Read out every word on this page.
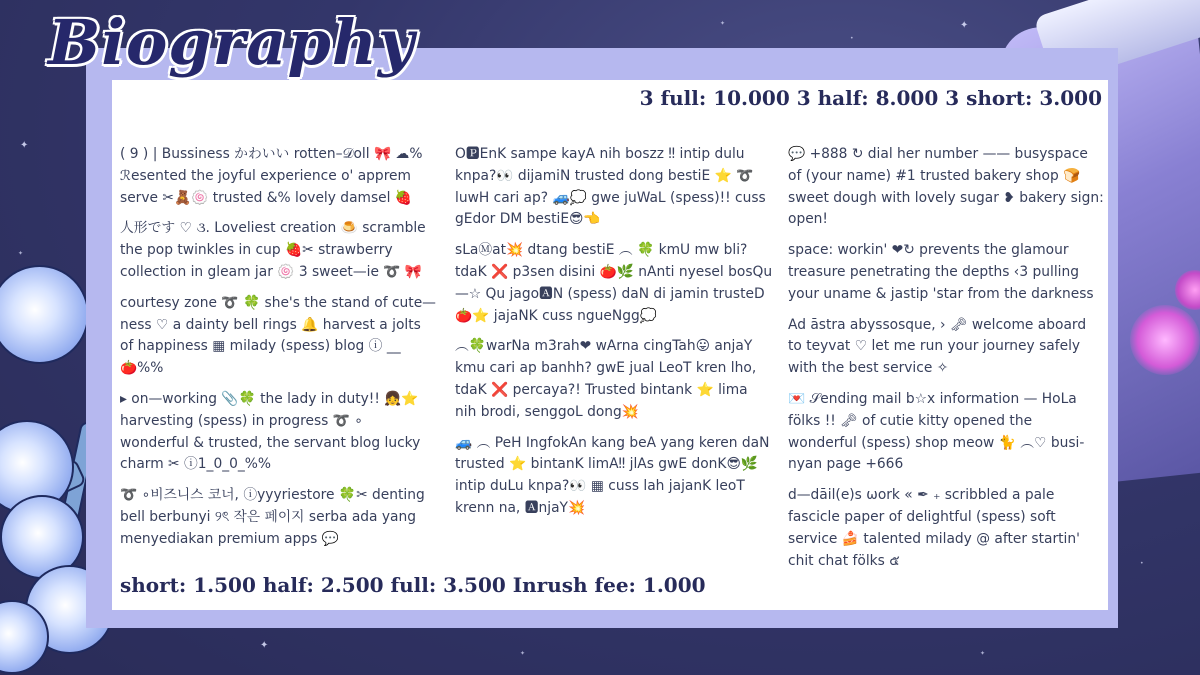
✦
✦
✦
✦
✦
•
✦
•
✦
Biography
3 full: 10.000 3 half: 8.000 3 short: 3.000

( 9 ) | Bussiness かわいい rotten–𝒟oll 🎀 ☁% ℛesented the joyful experience o' apprem serve ✂🧸🍥 trusted &% lovely damsel 🍓

人形です ♡ ૩. Loveliest creation 🍮 scramble the pop twinkles in cup 🍓✂ strawberry collection in gleam jar 🍥 3 sweet—ie ➰ 🎀

courtesy zone ➰ 🍀 she's the stand of cute—ness ♡ a dainty bell rings 🔔 harvest a jolts of happiness ▦ milady (spess) blog ⓘ __🍅%%

▸ on—working 📎🍀 the lady in duty!! 👧⭐ harvesting (spess) in progress ➰ ∘ wonderful & trusted, the servant blog lucky charm ✂ ⓘ1_0_0_%%

➰ ∘비즈니스 코너, ⓘyyyriestore 🍀✂ denting bell berbunyi ୨ৎ 작은 페이지 serba ada yang menyediakan premium apps 💬

O🅿EnK sampe kayA nih boszz ‼ intip dulu knpa?👀 dijamiN trusted dong bestiE ⭐ ➰ luwH cari ap? 🚙💭 gwe juWaL (spess)!! cuss gEdor DM bestiE😎👈

sLaⓂat💥 dtang bestiE ︵ 🍀 kmU mw bli? tdaK ❌ p3sen disini 🍅🌿 nAnti nyesel bosQu —☆ Qu jago🅰N (spess) daN di jamin trusteD 🍅⭐ jajaNK cuss ngueNgg💭

︵🍀warNa m3rah❤ wArna cingTah😛 anjaY kmu cari ap banhh? gwE jual LeoT kren lho, tdaK ❌ percaya?! Trusted bintank ⭐ lima nih brodi, senggoL dong💥

🚙 ︵ PeH IngfokAn kang beA yang keren daN trusted ⭐ bintanK limA‼ jlAs gwE donK😎🌿 intip duLu knpa?👀 ▦ cuss lah jajanK leoT krenn na, 🅰njaY💥

💬 +888 ↻ dial her number —— busyspace of (your name) #1 trusted bakery shop 🍞 sweet dough with lovely sugar ❥ bakery sign: open!

space: workin' ❤↻ prevents the glamour treasure penetrating the depths ‹3 pulling your uname & jastip 'star from the darkness

Ad āstra abyssosque, › 🗝 welcome aboard to teyvat ♡ let me run your journey safely with the best service ✧

💌 𝒮ending mail b☆x information — HoLa fölks !! 🗝 of cutie kitty opened the wonderful (spess) shop meow 🐈 ︵♡ busi-nyan page +666

d—dāil(e)s ωork « ✒ ₊ scribbled a pale fascicle paper of delightful (spess) soft service 🍰 talented milady @ after startin' chit chat fölks ๕

short: 1.500 half: 2.500 full: 3.500 Inrush fee: 1.000
